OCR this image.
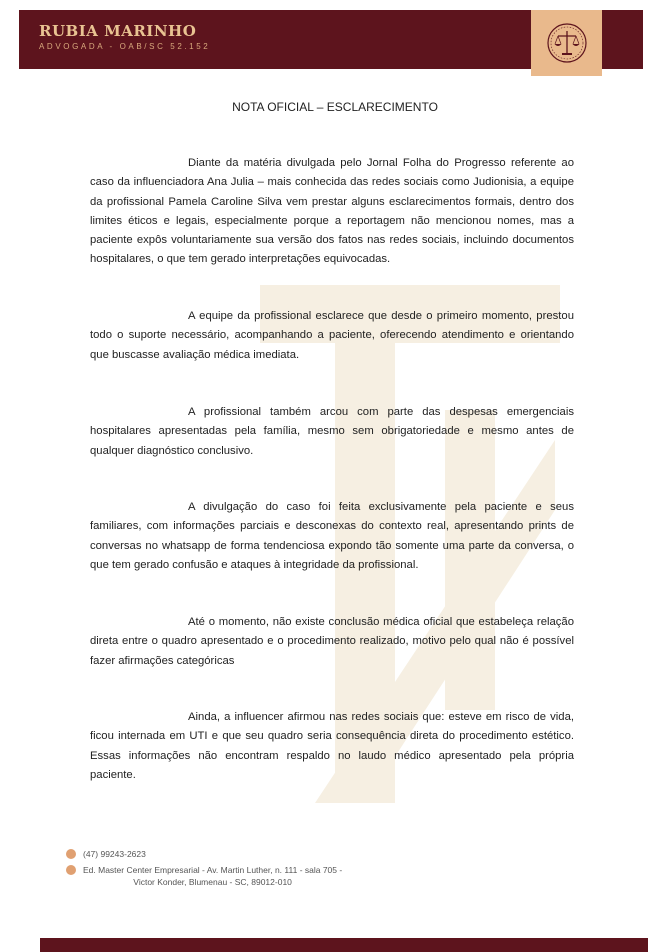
RUBIA MARINHO
ADVOGADA - OAB/SC 52.152
NOTA OFICIAL – ESCLARECIMENTO

Diante da matéria divulgada pelo Jornal Folha do Progresso referente ao caso da influenciadora Ana Julia – mais conhecida das redes sociais como Judionisia, a equipe da profissional Pamela Caroline Silva vem prestar alguns esclarecimentos formais, dentro dos limites éticos e legais, especialmente porque a reportagem não mencionou nomes, mas a paciente expôs voluntariamente sua versão dos fatos nas redes sociais, incluindo documentos hospitalares, o que tem gerado interpretações equivocadas.

A equipe da profissional esclarece que desde o primeiro momento, prestou todo o suporte necessário, acompanhando a paciente, oferecendo atendimento e orientando que buscasse avaliação médica imediata.

A profissional também arcou com parte das despesas emergenciais hospitalares apresentadas pela família, mesmo sem obrigatoriedade e mesmo antes de qualquer diagnóstico conclusivo.

A divulgação do caso foi feita exclusivamente pela paciente e seus familiares, com informações parciais e desconexas do contexto real, apresentando prints de conversas no whatsapp de forma tendenciosa expondo tão somente uma parte da conversa, o que tem gerado confusão e ataques à integridade da profissional.

Até o momento, não existe conclusão médica oficial que estabeleça relação direta entre o quadro apresentado e o procedimento realizado, motivo pelo qual não é possível fazer afirmações categóricas

Ainda, a influencer afirmou nas redes sociais que: esteve em risco de vida, ficou internada em UTI e que seu quadro seria consequência direta do procedimento estético. Essas informações não encontram respaldo no laudo médico apresentado pela própria paciente.

(47) 99243-2623
Ed. Master Center Empresarial - Av. Martin Luther, n. 111 - sala 705 -
Victor Konder, Blumenau - SC, 89012-010
